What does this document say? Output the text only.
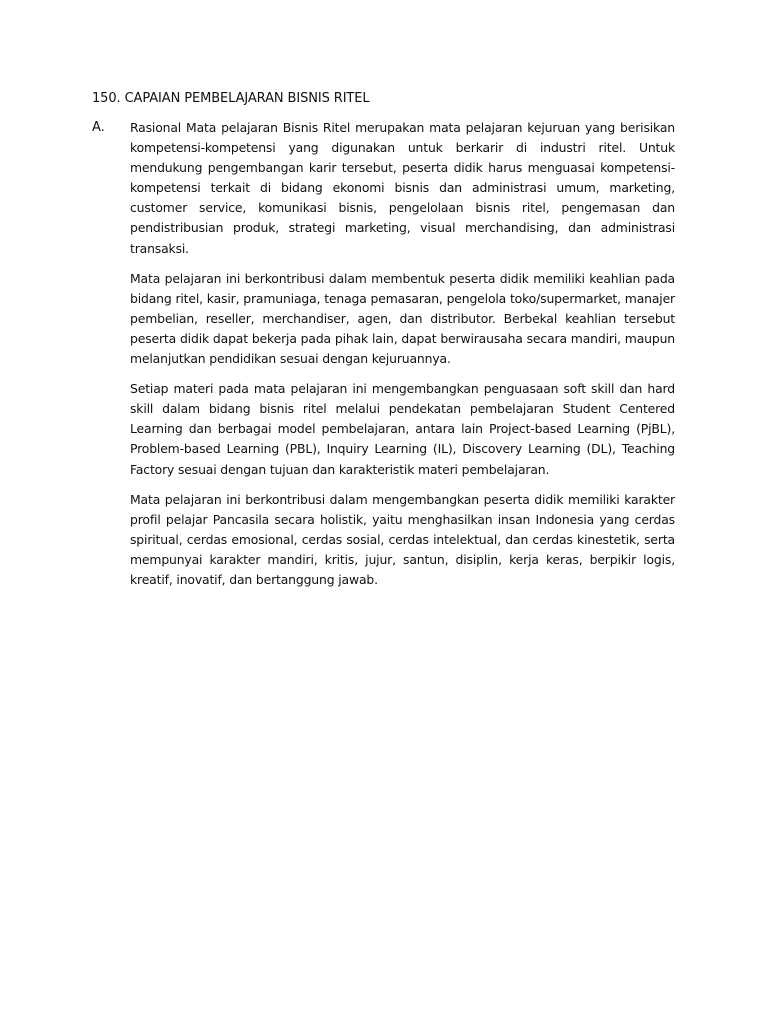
150. CAPAIAN PEMBELAJARAN BISNIS RITEL
A. Rasional Mata pelajaran Bisnis Ritel merupakan mata pelajaran kejuruan yang berisikan kompetensi-kompetensi yang digunakan untuk berkarir di industri ritel. Untuk mendukung pengembangan karir tersebut, peserta didik harus menguasai kompetensi-kompetensi terkait di bidang ekonomi bisnis dan administrasi umum, marketing, customer service, komunikasi bisnis, pengelolaan bisnis ritel, pengemasan dan pendistribusian produk, strategi marketing, visual merchandising, dan administrasi transaksi.

Mata pelajaran ini berkontribusi dalam membentuk peserta didik memiliki keahlian pada bidang ritel, kasir, pramuniaga, tenaga pemasaran, pengelola toko/supermarket, manajer pembelian, reseller, merchandiser, agen, dan distributor. Berbekal keahlian tersebut peserta didik dapat bekerja pada pihak lain, dapat berwirausaha secara mandiri, maupun melanjutkan pendidikan sesuai dengan kejuruannya.

Setiap materi pada mata pelajaran ini mengembangkan penguasaan soft skill dan hard skill dalam bidang bisnis ritel melalui pendekatan pembelajaran Student Centered Learning dan berbagai model pembelajaran, antara lain Project-based Learning (PjBL), Problem-based Learning (PBL), Inquiry Learning (IL), Discovery Learning (DL), Teaching Factory sesuai dengan tujuan dan karakteristik materi pembelajaran.

Mata pelajaran ini berkontribusi dalam mengembangkan peserta didik memiliki karakter profil pelajar Pancasila secara holistik, yaitu menghasilkan insan Indonesia yang cerdas spiritual, cerdas emosional, cerdas sosial, cerdas intelektual, dan cerdas kinestetik, serta mempunyai karakter mandiri, kritis, jujur, santun, disiplin, kerja keras, berpikir logis, kreatif, inovatif, dan bertanggung jawab.
